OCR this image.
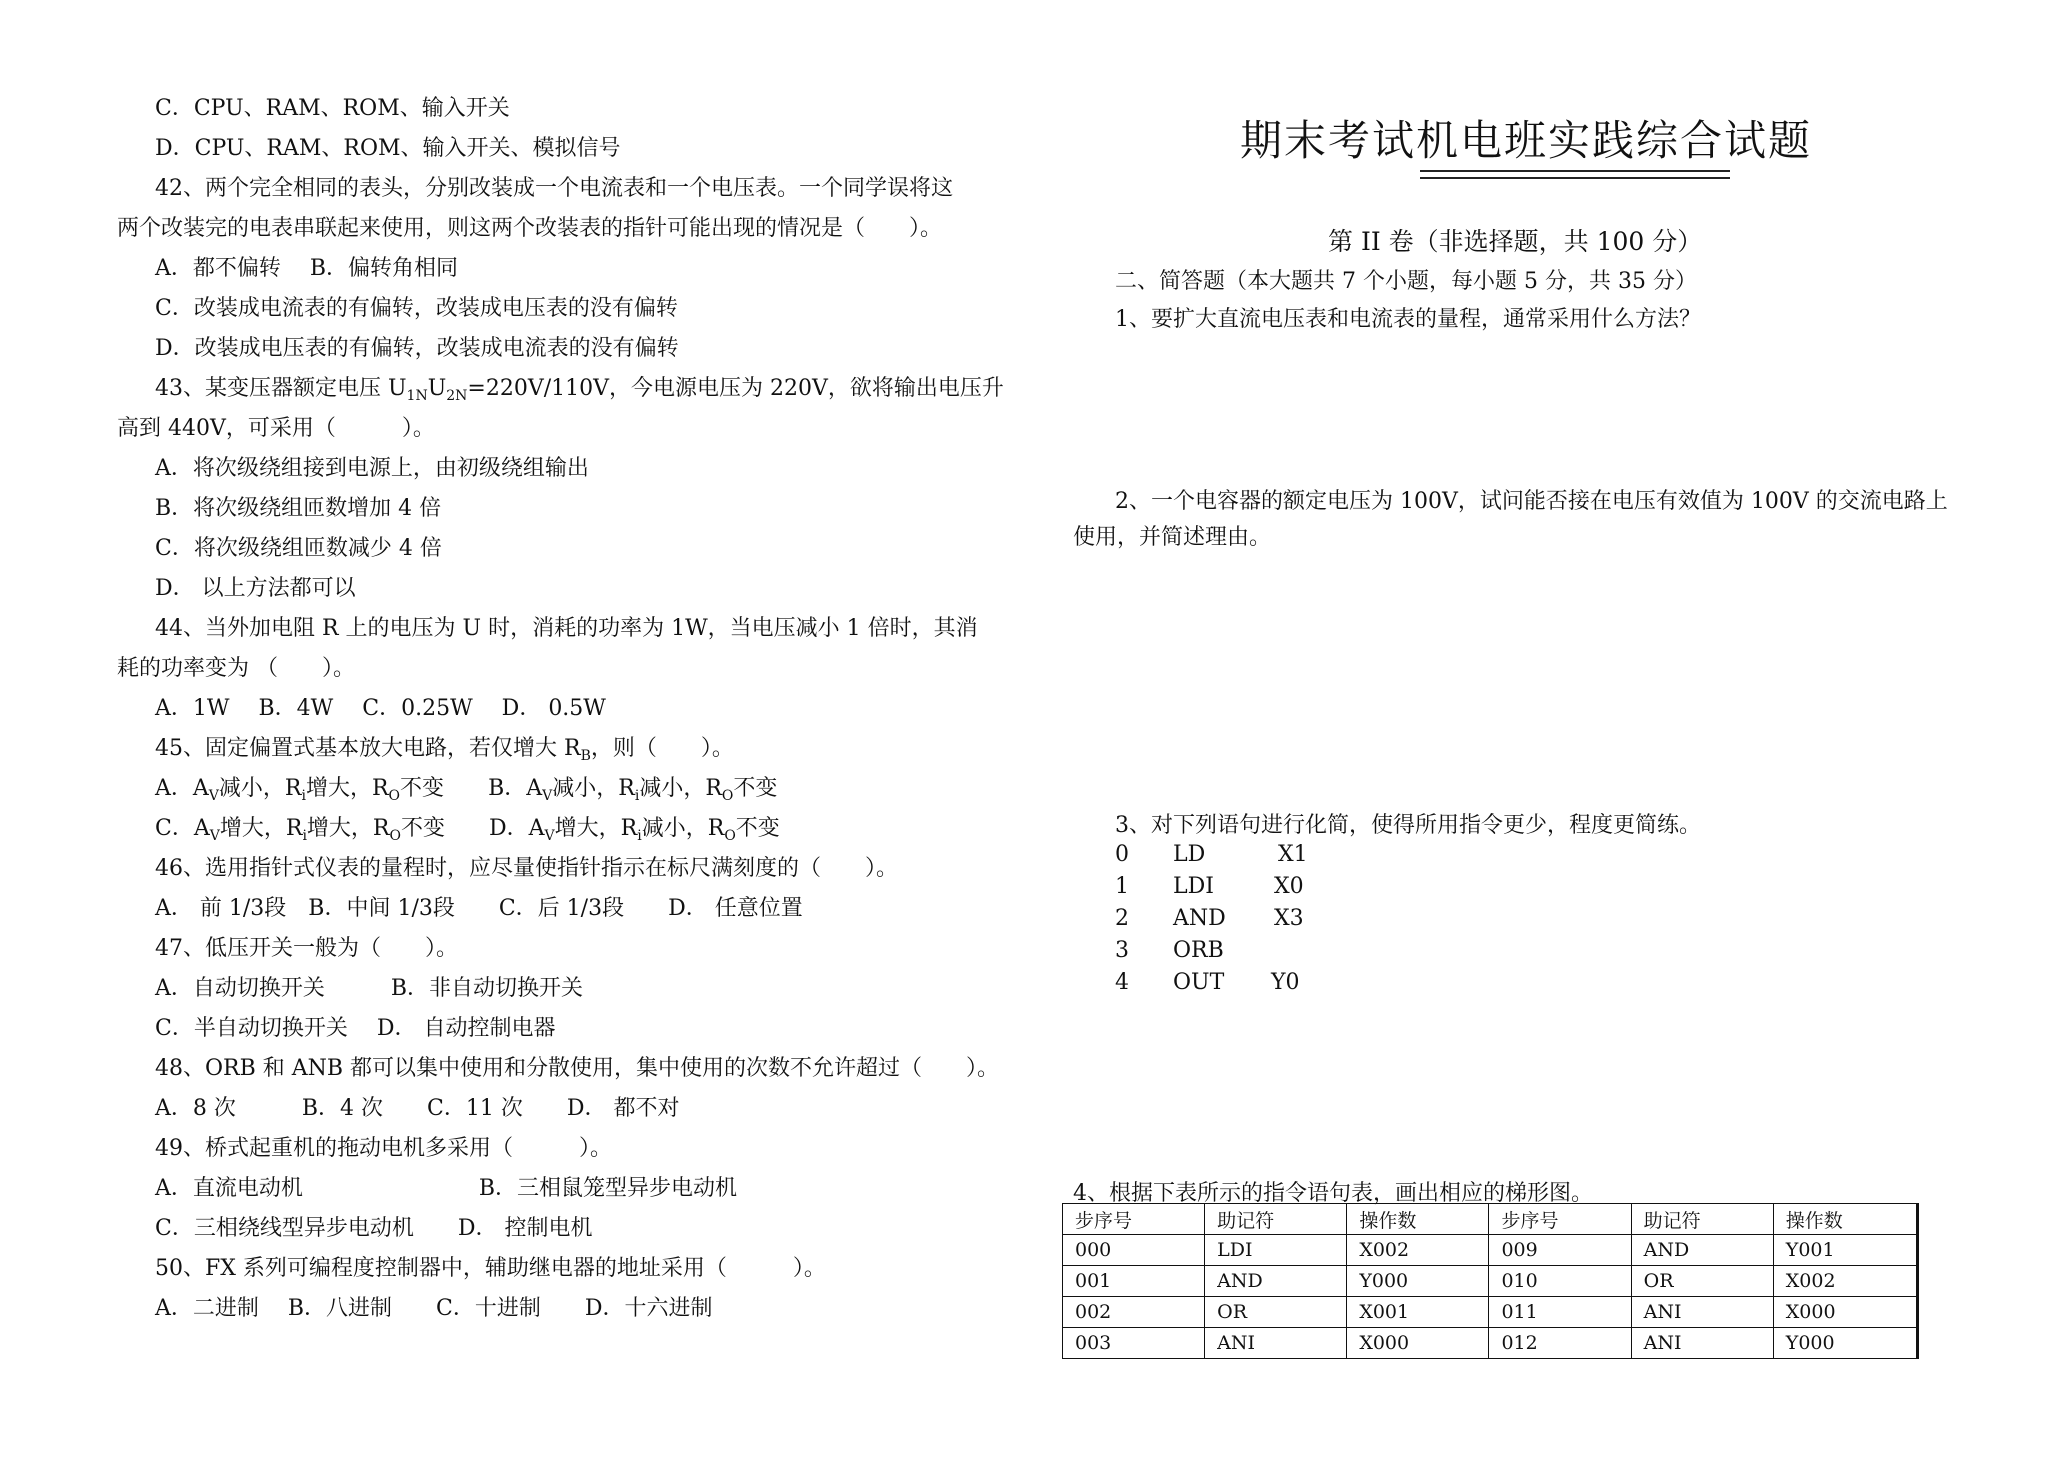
C．CPU、RAM、ROM、输入开关
D．CPU、RAM、ROM、输入开关、模拟信号
42、两个完全相同的表头，分别改装成一个电流表和一个电压表。一个同学误将这
两个改装完的电表串联起来使用，则这两个改装表的指针可能出现的情况是（　　）。
A．都不偏转　 B．偏转角相同
C．改装成电流表的有偏转，改装成电压表的没有偏转
D．改装成电压表的有偏转，改装成电流表的没有偏转
43、某变压器额定电压 $U_{1N}U_{2N}=220V/110V$，今电源电压为 220V，欲将输出电压升
高到 440V，可采用（　　　）。
A．将次级绕组接到电源上，由初级绕组输出
B．将次级绕组匝数增加 4 倍
C．将次级绕组匝数减少 4 倍
D． 以上方法都可以
44、当外加电阻 R 上的电压为 U 时，消耗的功率为 1W，当电压减小 1 倍时，其消
耗的功率变为 （　　）。
A．1W　 B．4W　 C．0.25W　 D． 0.5W
45、固定偏置式基本放大电路，若仅增大 $R_B$，则（　　）。
A．$A_V$减小，$R_i$增大，$R_O$不变　　 B．$A_V$减小，$R_i$减小，$R_O$不变
C．$A_V$增大，$R_i$增大，$R_O$不变　　 D．$A_V$增大，$R_i$减小，$R_O$不变
46、选用指针式仪表的量程时，应尽量使指针指示在标尺满刻度的（　　）。
A． 前 1/3段　B．中间 1/3段　　C．后 1/3段　　D． 任意位置
47、低压开关一般为（　　）。
A．自动切换开关　　　B．非自动切换开关
C．半自动切换开关　 D． 自动控制电器
48、ORB 和 ANB 都可以集中使用和分散使用，集中使用的次数不允许超过（　　）。
A．8 次　　　B．4 次　　C．11 次　　D． 都不对
49、桥式起重机的拖动电机多采用（　　　）。
A．直流电动机　　　　　　　　B．三相鼠笼型异步电动机
C．三相绕线型异步电动机　　D． 控制电机
50、FX 系列可编程度控制器中，辅助继电器的地址采用（　　　）。
A．二进制　 B．八进制　　C．十进制　　D．十六进制
期末考试机电班实践综合试题
第 II 卷（非选择题，共 100 分）
二、简答题（本大题共 7 个小题，每小题 5 分，共 35 分）
1、要扩大直流电压表和电流表的量程，通常采用什么方法？
2、一个电容器的额定电压为 100V，试问能否接在电压有效值为 100V 的交流电路上
使用，并简述理由。
3、对下列语句进行化简，使得所用指令更少，程度更简练。
0 LD	X1
1 LDI	X0
2 AND X3
3 ORB
4 OUT Y0
4、根据下表所示的指令语句表，画出相应的梯形图。
步序号	助记符	操作数	步序号	助记符	操作数
000	LDI	X002	009	AND	Y001
001	AND	Y000	010	OR	X002
002	OR	X001	011	ANI	X000
003	ANI	X000	012	ANI	Y000
